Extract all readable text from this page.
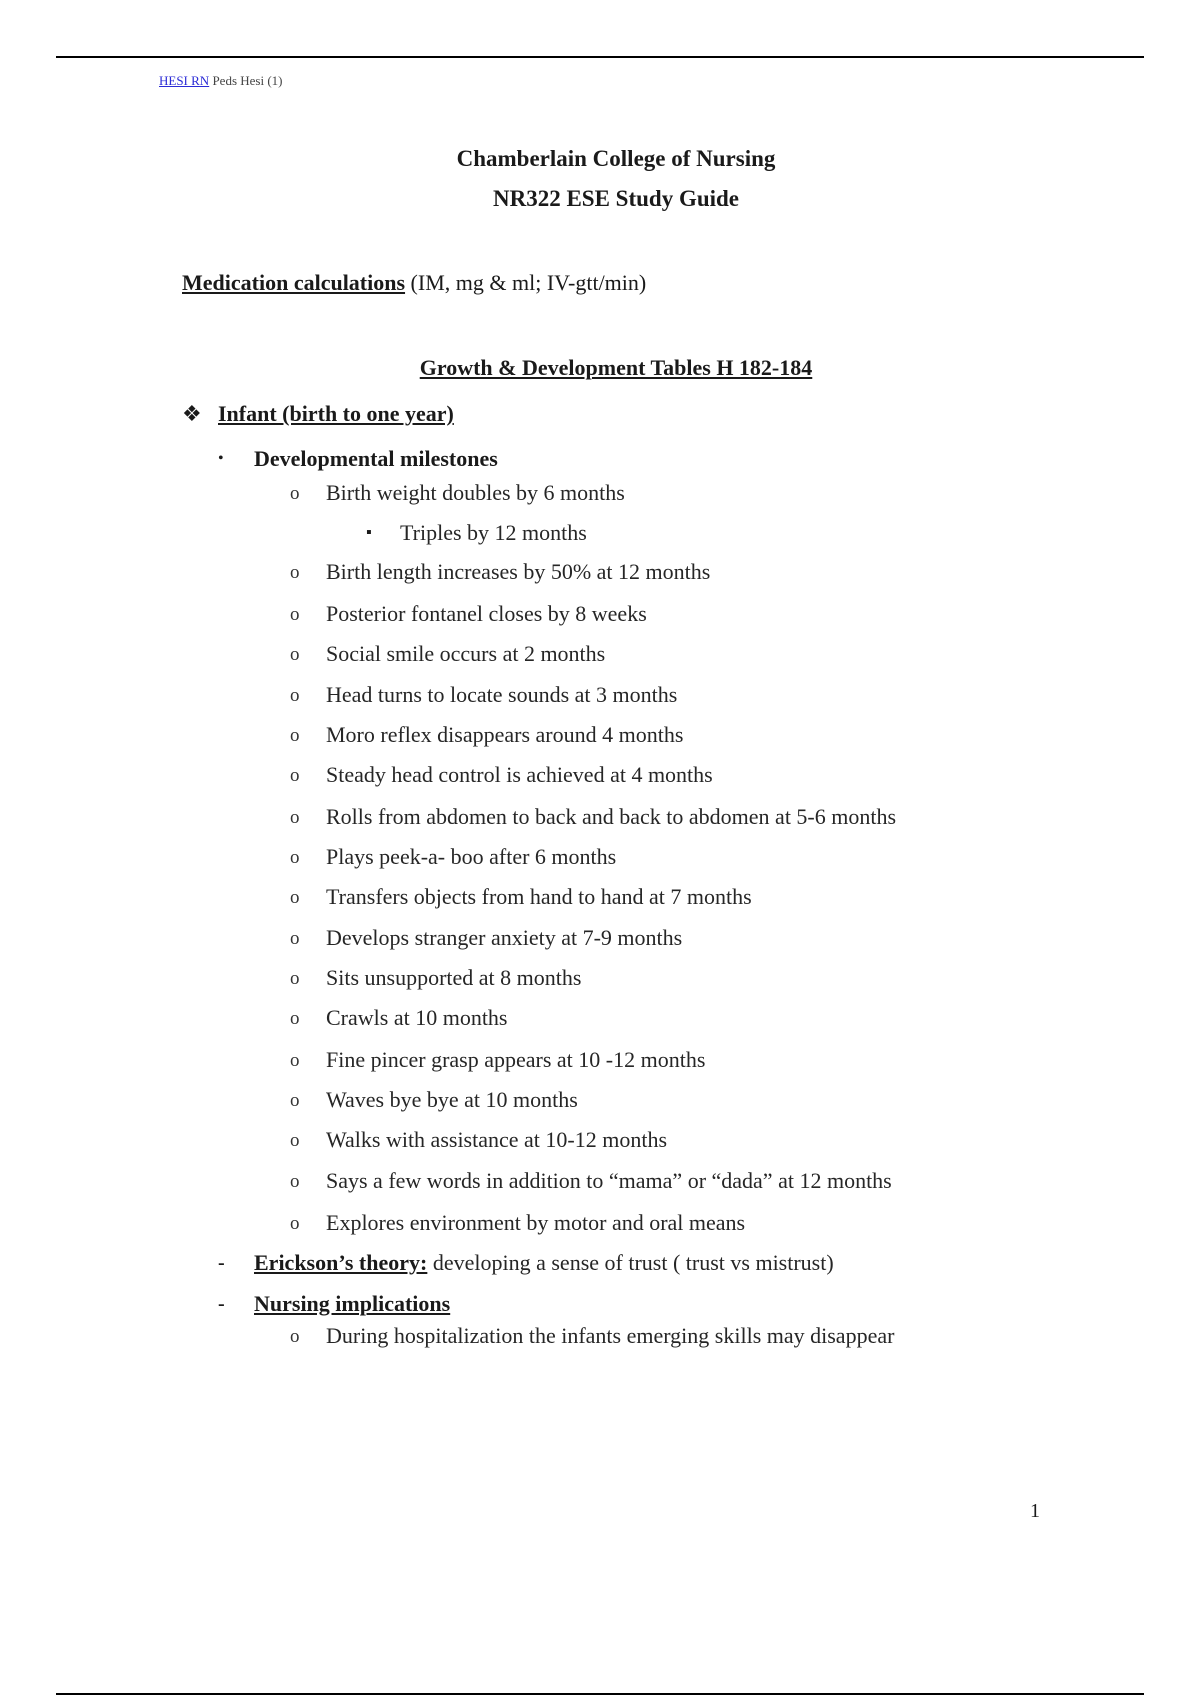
HESI RN Peds Hesi (1)
Chamberlain College of Nursing
NR322 ESE Study Guide
Medication calculations (IM, mg & ml; IV-gtt/min)
Growth & Development Tables H 182-184
❖ Infant (birth to one year)
• Developmental milestones
o Birth weight doubles by 6 months
▪ Triples by 12 months
o Birth length increases by 50% at 12 months
o Posterior fontanel closes by 8 weeks
o Social smile occurs at 2 months
o Head turns to locate sounds at 3 months
o Moro reflex disappears around 4 months
o Steady head control is achieved at 4 months
o Rolls from abdomen to back and back to abdomen at 5-6 months
o Plays peek-a- boo after 6 months
o Transfers objects from hand to hand at 7 months
o Develops stranger anxiety at 7-9 months
o Sits unsupported at 8 months
o Crawls at 10 months
o Fine pincer grasp appears at 10 -12 months
o Waves bye bye at 10 months
o Walks with assistance at 10-12 months
o Says a few words in addition to “mama” or “dada” at 12 months
o Explores environment by motor and oral means
- Erickson’s theory: developing a sense of trust ( trust vs mistrust)
- Nursing implications
o During hospitalization the infants emerging skills may disappear
1
